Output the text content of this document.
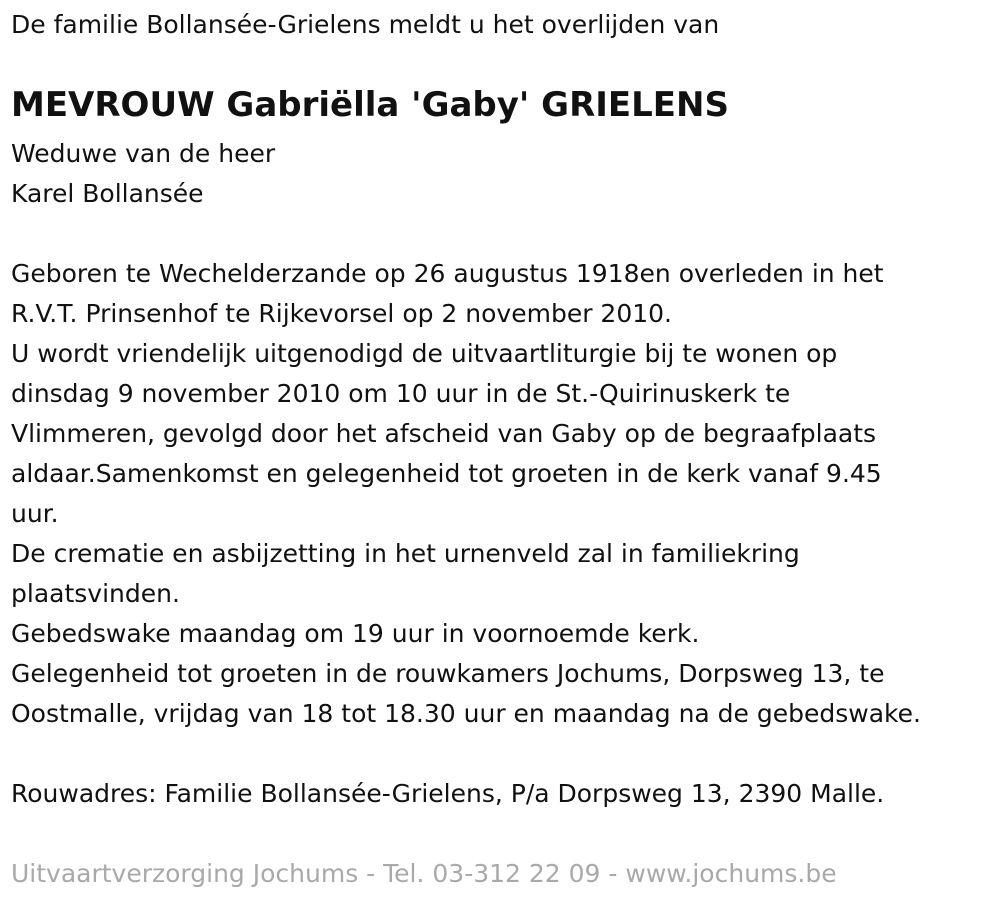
De familie Bollansée-Grielens meldt u het overlijden van

MEVROUW Gabriëlla 'Gaby' GRIELENS

Weduwe van de heer

Karel Bollansée

Geboren te Wechelderzande op 26 augustus 1918en overleden in het

R.V.T. Prinsenhof te Rijkevorsel op 2 november 2010.

U wordt vriendelijk uitgenodigd de uitvaartliturgie bij te wonen op

dinsdag 9 november 2010 om 10 uur in de St.-Quirinuskerk te

Vlimmeren, gevolgd door het afscheid van Gaby op de begraafplaats

aldaar.Samenkomst en gelegenheid tot groeten in de kerk vanaf 9.45

uur.

De crematie en asbijzetting in het urnenveld zal in familiekring

plaatsvinden.

Gebedswake maandag om 19 uur in voornoemde kerk.

Gelegenheid tot groeten in de rouwkamers Jochums, Dorpsweg 13, te

Oostmalle, vrijdag van 18 tot 18.30 uur en maandag na de gebedswake.

Rouwadres: Familie Bollansée-Grielens, P/a Dorpsweg 13, 2390 Malle.

Uitvaartverzorging Jochums - Tel. 03-312 22 09 - www.jochums.be
